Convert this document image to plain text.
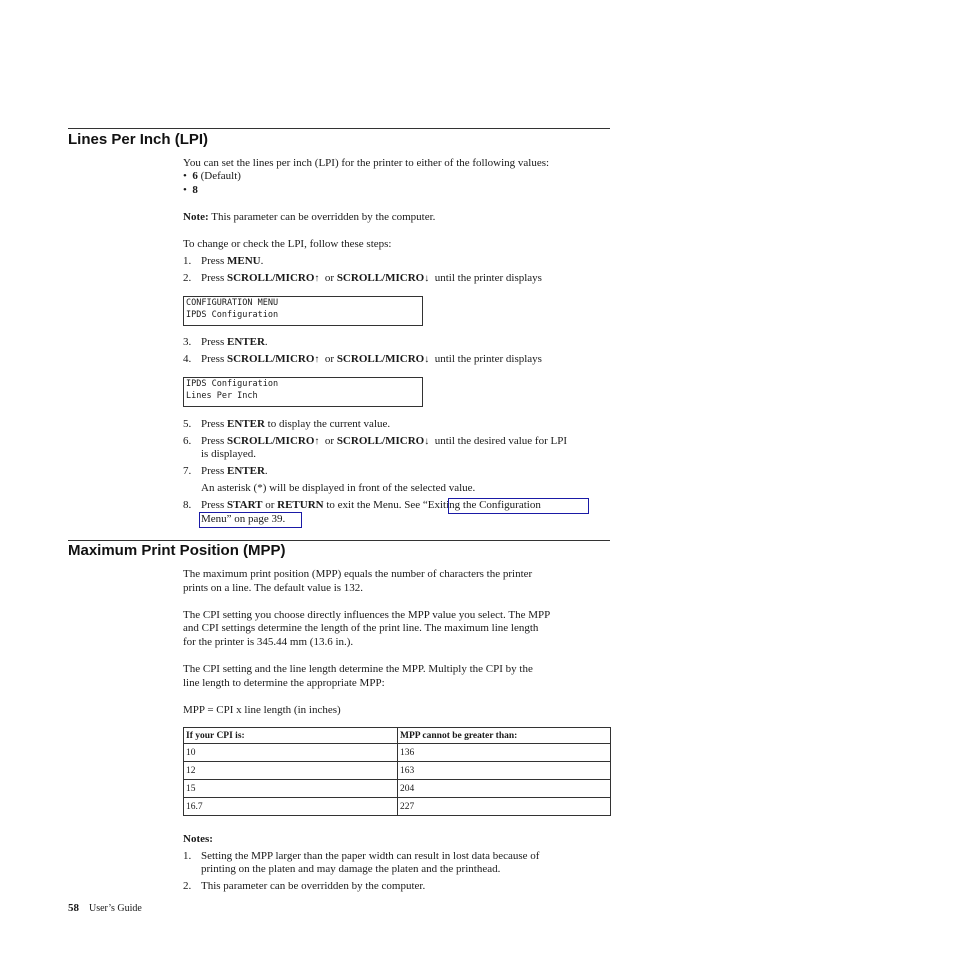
Lines Per Inch (LPI)
You can set the lines per inch (LPI) for the printer to either of the following values:
•  6 (Default)
•  8
Note: This parameter can be overridden by the computer.
To change or check the LPI, follow these steps:
1. Press MENU.
2. Press SCROLL/MICRO↑ or SCROLL/MICRO↓ until the printer displays
CONFIGURATION MENU
IPDS Configuration
3. Press ENTER.
4. Press SCROLL/MICRO↑ or SCROLL/MICRO↓ until the printer displays
IPDS Configuration
Lines Per Inch
5. Press ENTER to display the current value.
6. Press SCROLL/MICRO↑ or SCROLL/MICRO↓ until the desired value for LPI
is displayed.
7. Press ENTER.
An asterisk (*) will be displayed in front of the selected value.
8. Press START or RETURN to exit the Menu. See “Exiting the Configuration
Menu” on page 39.
Maximum Print Position (MPP)
The maximum print position (MPP) equals the number of characters the printer
prints on a line. The default value is 132.
The CPI setting you choose directly influences the MPP value you select. The MPP
and CPI settings determine the length of the print line. The maximum line length
for the printer is 345.44 mm (13.6 in.).
The CPI setting and the line length determine the MPP. Multiply the CPI by the
line length to determine the appropriate MPP:
MPP = CPI x line length (in inches)
If your CPI is:	MPP cannot be greater than:
10	136
12	163
15	204
16.7	227
Notes:
1. Setting the MPP larger than the paper width can result in lost data because of
printing on the platen and may damage the platen and the printhead.
2. This parameter can be overridden by the computer.
58 User’s Guide
